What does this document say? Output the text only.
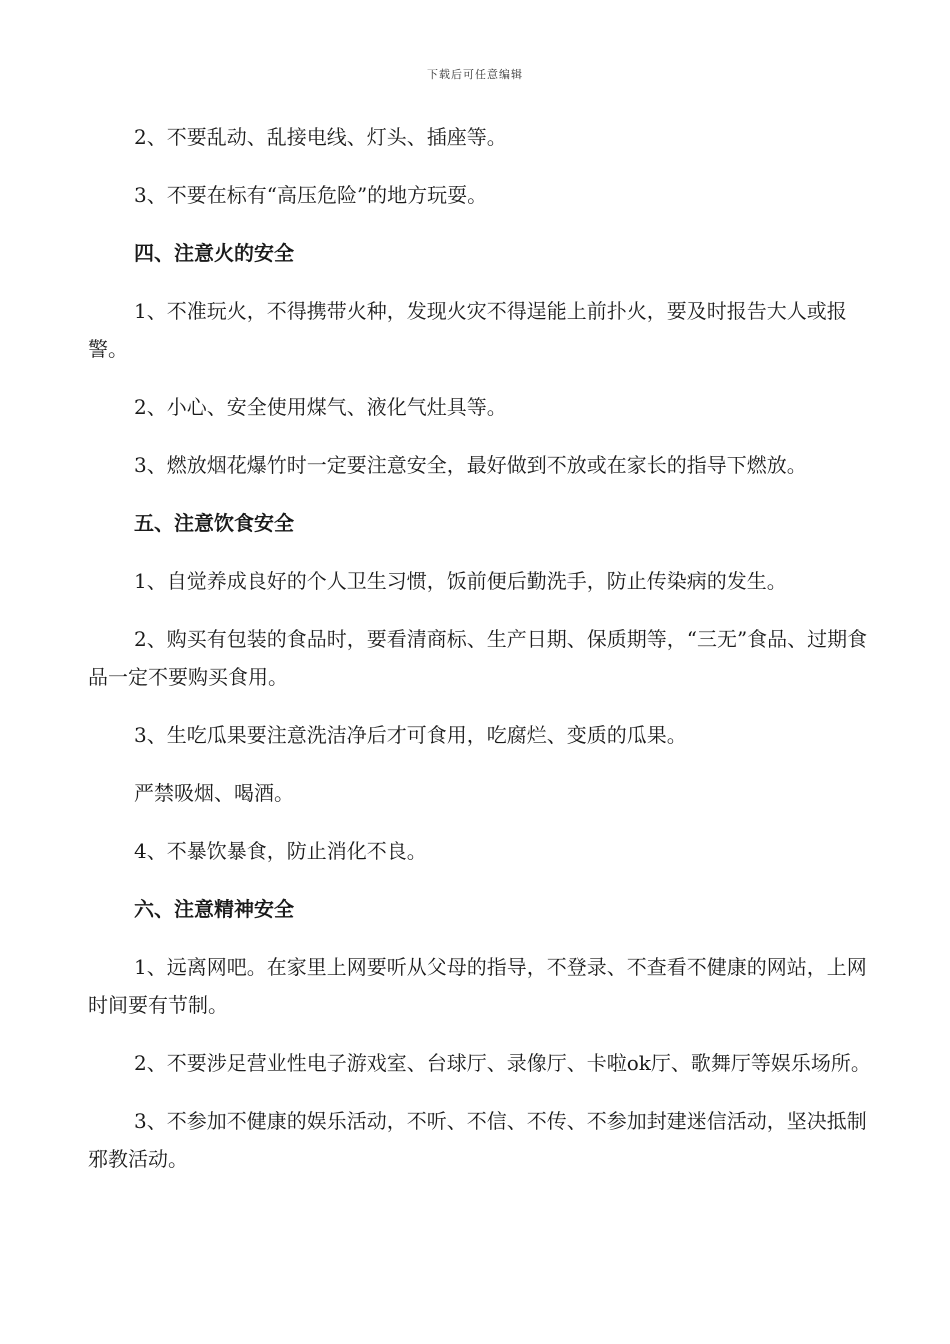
下载后可任意编辑

2、不要乱动、乱接电线、灯头、插座等。

3、不要在标有“高压危险”的地方玩耍。

四、注意火的安全

1、不准玩火，不得携带火种，发现火灾不得逞能上前扑火，要及时报告大人或报警。

2、小心、安全使用煤气、液化气灶具等。

3、燃放烟花爆竹时一定要注意安全，最好做到不放或在家长的指导下燃放。

五、注意饮食安全

1、自觉养成良好的个人卫生习惯，饭前便后勤洗手，防止传染病的发生。

2、购买有包装的食品时，要看清商标、生产日期、保质期等，“三无”食品、过期食品一定不要购买食用。

3、生吃瓜果要注意洗洁净后才可食用，吃腐烂、变质的瓜果。

严禁吸烟、喝酒。

4、不暴饮暴食，防止消化不良。

六、注意精神安全

1、远离网吧。在家里上网要听从父母的指导，不登录、不查看不健康的网站，上网时间要有节制。

2、不要涉足营业性电子游戏室、台球厅、录像厅、卡啦ok厅、歌舞厅等娱乐场所。

3、不参加不健康的娱乐活动，不听、不信、不传、不参加封建迷信活动，坚决抵制邪教活动。
